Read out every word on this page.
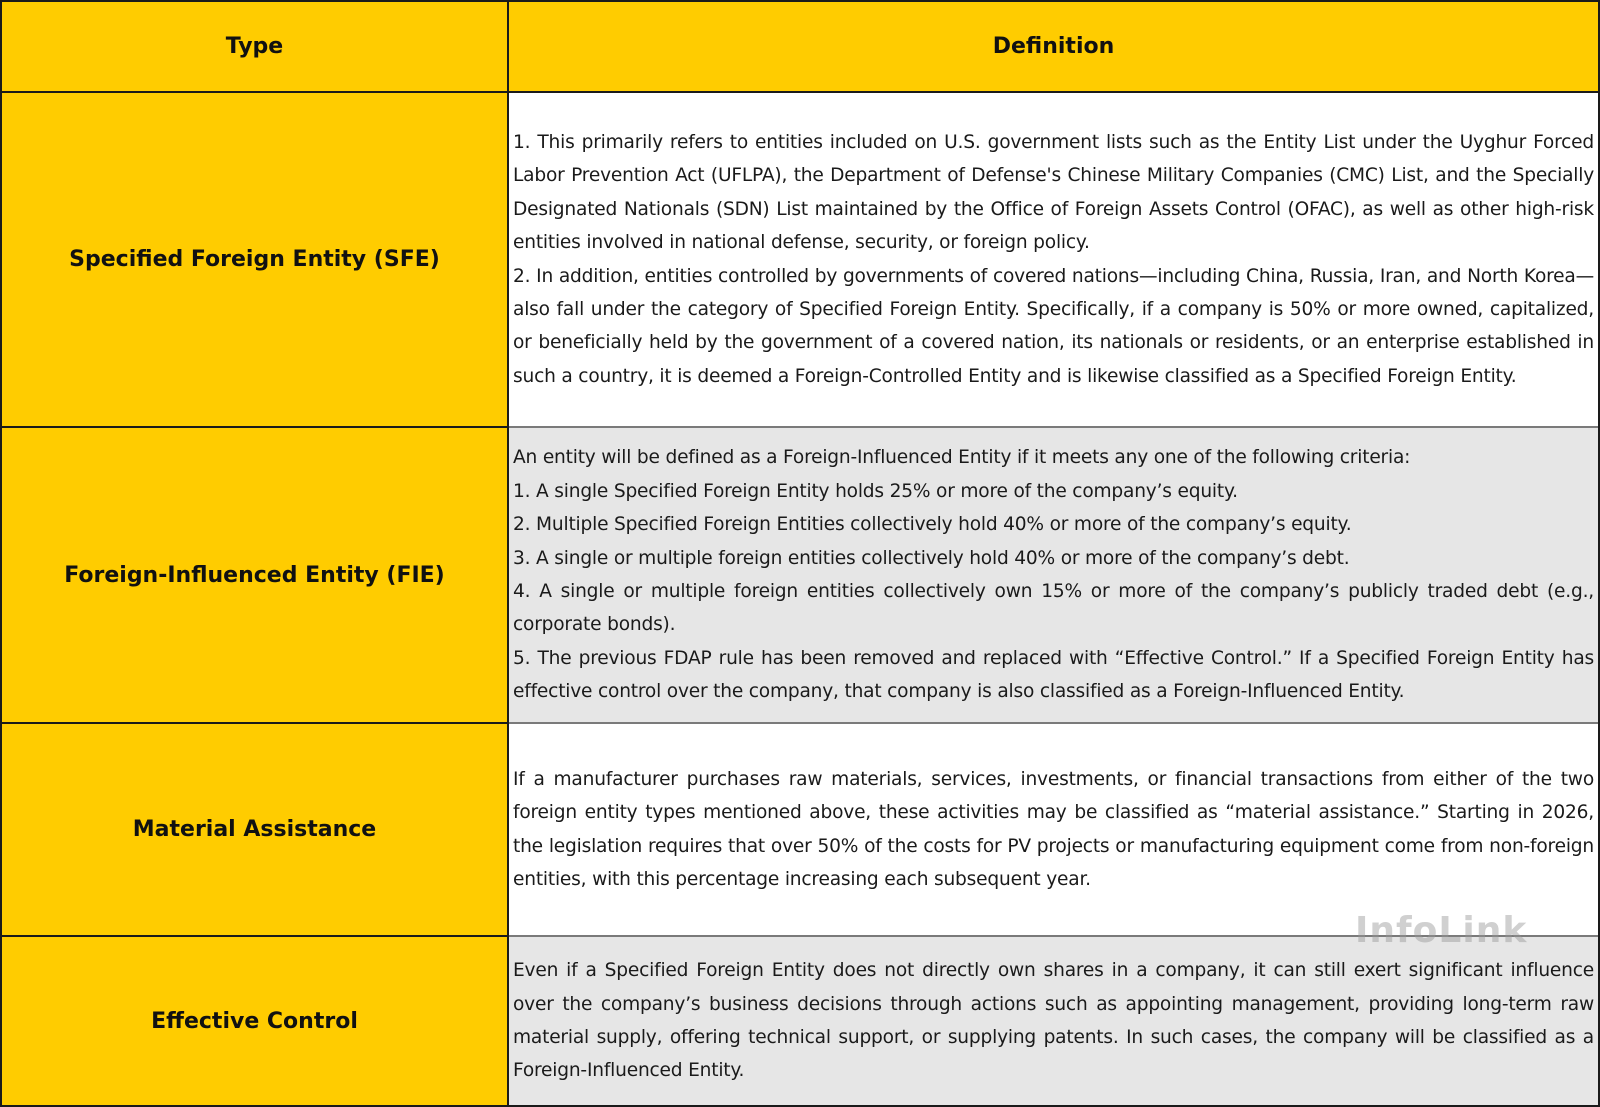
Type	Definition
Specified Foreign Entity (SFE)

1. This primarily refers to entities included on U.S. government lists such as the Entity List under the Uyghur Forced Labor Prevention Act (UFLPA), the Department of Defense's Chinese Military Companies (CMC) List, and the Specially Designated Nationals (SDN) List maintained by the Office of Foreign Assets Control (OFAC), as well as other high-risk entities involved in national defense, security, or foreign policy.

2. In addition, entities controlled by governments of covered nations—including China, Russia, Iran, and North Korea—also fall under the category of Specified Foreign Entity. Specifically, if a company is 50% or more owned, capitalized, or beneficially held by the government of a covered nation, its nationals or residents, or an enterprise established in such a country, it is deemed a Foreign-Controlled Entity and is likewise classified as a Specified Foreign Entity.

Foreign-Influenced Entity (FIE)

An entity will be defined as a Foreign-Influenced Entity if it meets any one of the following criteria:

1. A single Specified Foreign Entity holds 25% or more of the company’s equity.

2. Multiple Specified Foreign Entities collectively hold 40% or more of the company’s equity.

3. A single or multiple foreign entities collectively hold 40% or more of the company’s debt.

4. A single or multiple foreign entities collectively own 15% or more of the company’s publicly traded debt (e.g., corporate bonds).

5. The previous FDAP rule has been removed and replaced with “Effective Control.” If a Specified Foreign Entity has effective control over the company, that company is also classified as a Foreign-Influenced Entity.

Material Assistance

If a manufacturer purchases raw materials, services, investments, or financial transactions from either of the two foreign entity types mentioned above, these activities may be classified as “material assistance.” Starting in 2026, the legislation requires that over 50% of the costs for PV projects or manufacturing equipment come from non-foreign entities, with this percentage increasing each subsequent year.

Effective Control

Even if a Specified Foreign Entity does not directly own shares in a company, it can still exert significant influence over the company’s business decisions through actions such as appointing management, providing long-term raw material supply, offering technical support, or supplying patents. In such cases, the company will be classified as a Foreign-Influenced Entity.

InfoLink
